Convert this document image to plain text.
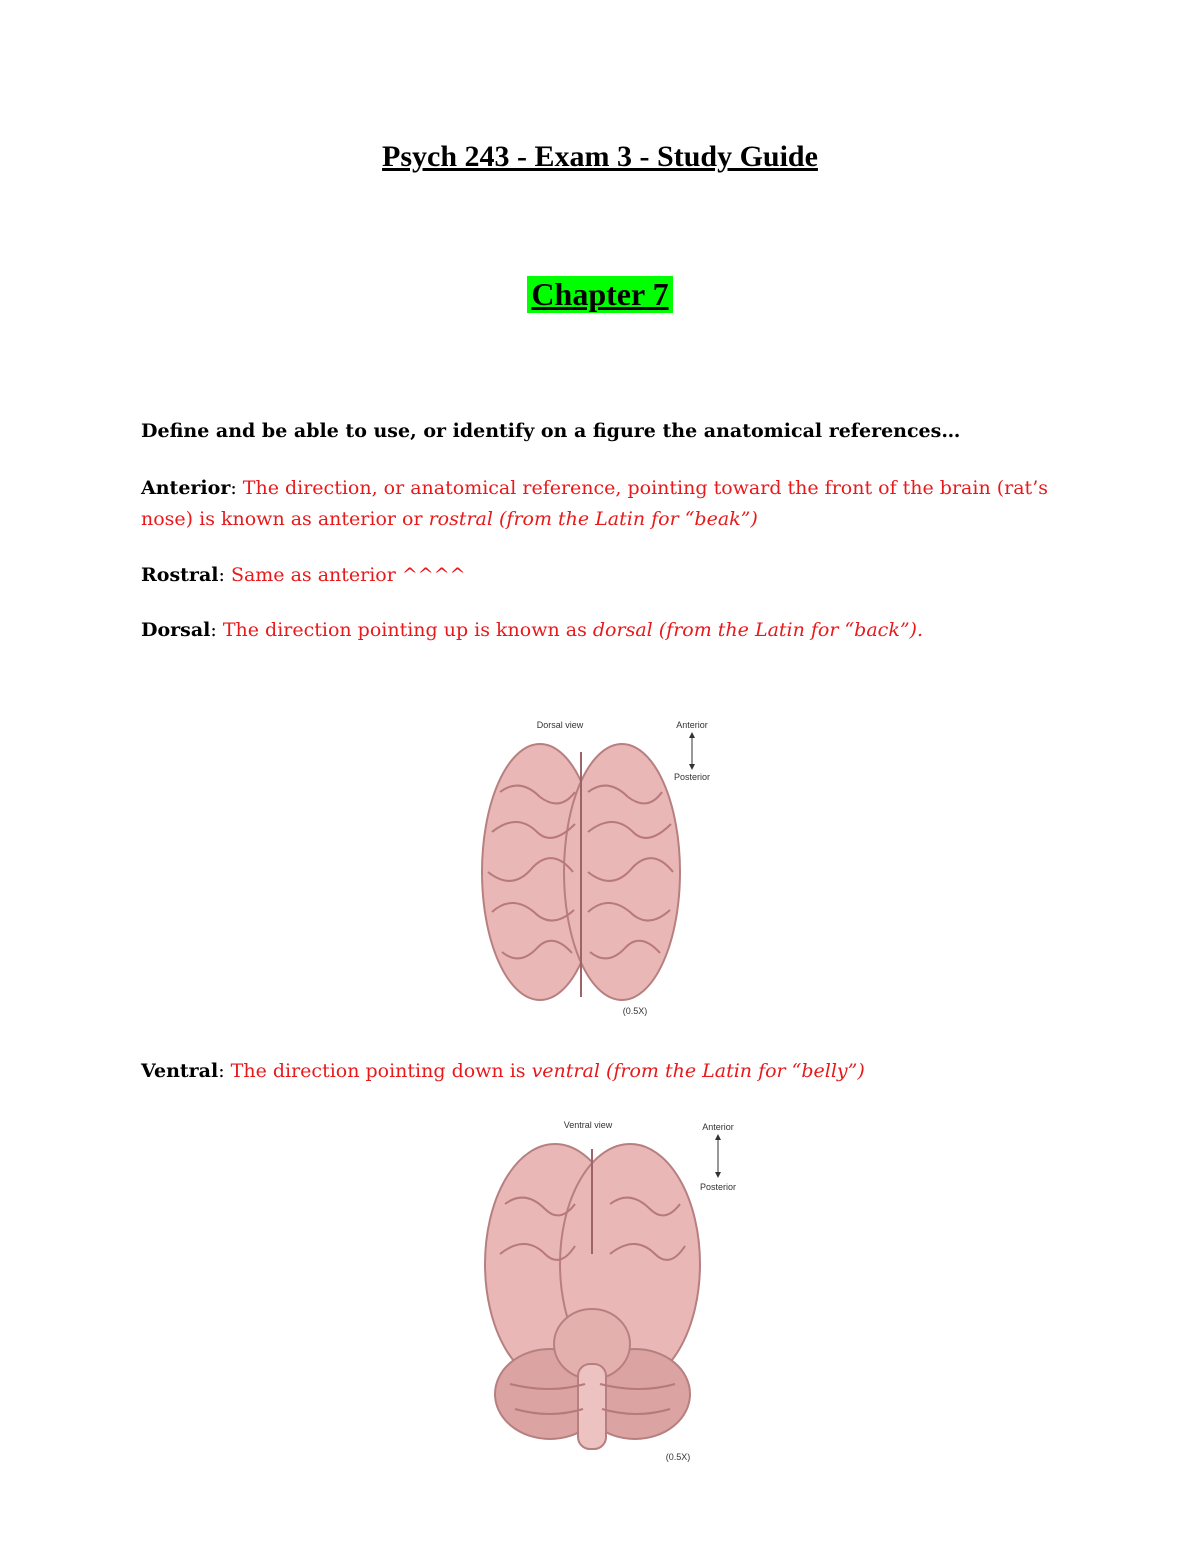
Psych 243 - Exam 3 - Study Guide
Chapter 7
Define and be able to use, or identify on a figure the anatomical references…
Anterior: The direction, or anatomical reference, pointing toward the front of the brain (rat’s nose) is known as anterior or rostral (from the Latin for “beak”)
Rostral: Same as anterior ^^^^
Dorsal: The direction pointing up is known as dorsal (from the Latin for “back”).
Dorsal view	Anterior
Posterior
(0.5X)
Ventral: The direction pointing down is ventral (from the Latin for “belly”)
Ventral view	Anterior
Posterior
(0.5X)
